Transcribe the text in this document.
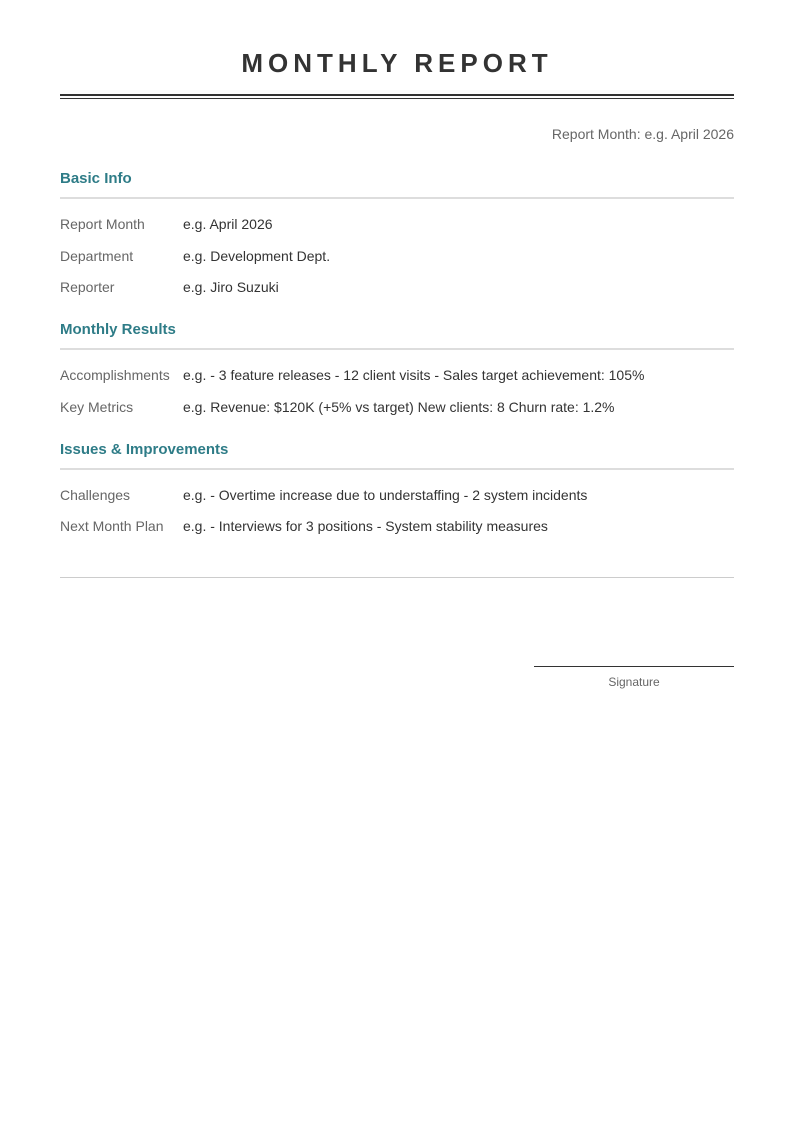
MONTHLY REPORT
Report Month: e.g. April 2026
Basic Info
Report Month	e.g. April 2026
Department	e.g. Development Dept.
Reporter	e.g. Jiro Suzuki
Monthly Results
Accomplishments e.g. - 3 feature releases - 12 client visits - Sales target achievement: 105%
Key Metrics	e.g. Revenue: $120K (+5% vs target) New clients: 8 Churn rate: 1.2%
Issues & Improvements
Challenges	e.g. - Overtime increase due to understaffing - 2 system incidents
Next Month Plan	e.g. - Interviews for 3 positions - System stability measures
Signature
